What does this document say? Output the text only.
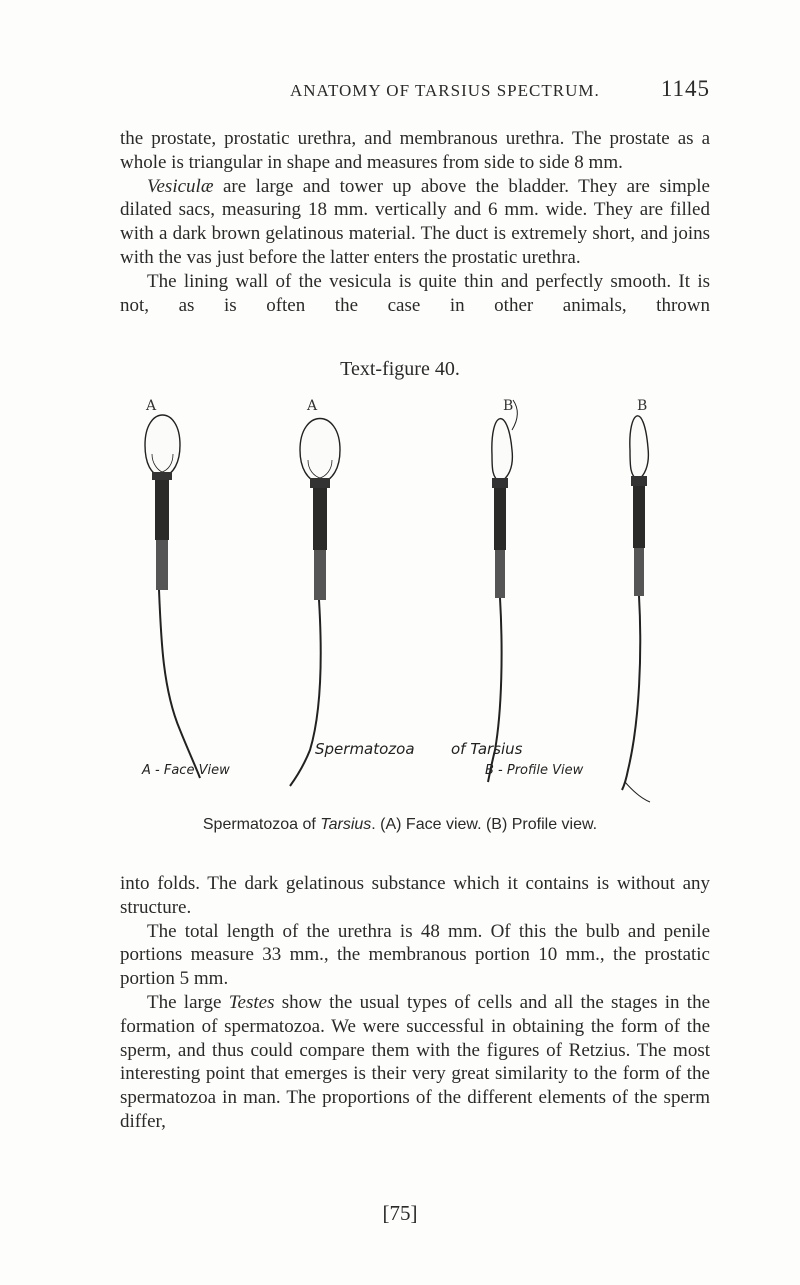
ANATOMY OF TARSIUS SPECTRUM.	1145

the prostate, prostatic urethra, and membranous urethra. The prostate as a whole is triangular in shape and measures from side to side 8 mm.

Vesiculæ are large and tower up above the bladder. They are simple dilated sacs, measuring 18 mm. vertically and 6 mm. wide. They are filled with a dark brown gelatinous material. The duct is extremely short, and joins with the vas just before the latter enters the prostatic urethra.

The lining wall of the vesicula is quite thin and perfectly smooth. It is not, as is often the case in other animals, thrown

Text-figure 40.
A	A	B	B
A - Face View
Spermatozoa of Tarsius
B - Profile View
Spermatozoa of Tarsius. (A) Face view. (B) Profile view.

into folds. The dark gelatinous substance which it contains is without any structure.

The total length of the urethra is 48 mm. Of this the bulb and penile portions measure 33 mm., the membranous portion 10 mm., the prostatic portion 5 mm.

The large Testes show the usual types of cells and all the stages in the formation of spermatozoa. We were successful in obtaining the form of the sperm, and thus could compare them with the figures of Retzius. The most interesting point that emerges is their very great similarity to the form of the spermatozoa in man. The proportions of the different elements of the sperm differ,

[75]
